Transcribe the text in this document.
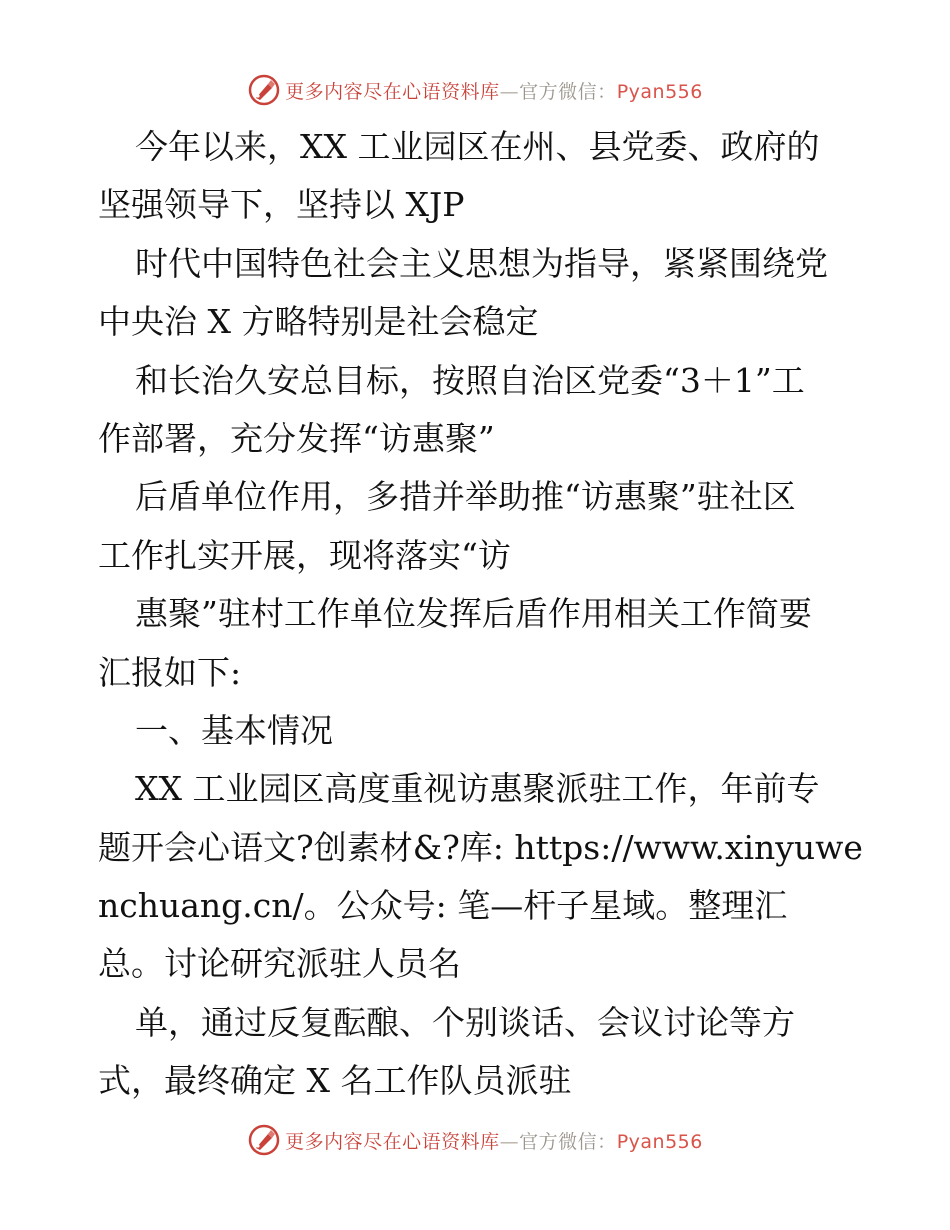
更多内容尽在心语资料库—官方微信：Pyan556
今年以来，XX 工业园区在州、县党委、政府的
坚强领导下，坚持以 XJP
时代中国特色社会主义思想为指导，紧紧围绕党
中央治 X 方略特别是社会稳定
和长治久安总目标，按照自治区党委“3＋1”工
作部署，充分发挥“访惠聚”
后盾单位作用，多措并举助推“访惠聚”驻社区
工作扎实开展，现将落实“访
惠聚”驻村工作单位发挥后盾作用相关工作简要
汇报如下:
一、基本情况
XX 工业园区高度重视访惠聚派驻工作，年前专
题开会心语文?创素材&?库: https://www.xinyuwe
nchuang.cn/。公众号: 笔—杆子星域。整理汇
总。讨论研究派驻人员名
单，通过反复酝酿、个别谈话、会议讨论等方
式，最终确定 X 名工作队员派驻
更多内容尽在心语资料库—官方微信：Pyan556
